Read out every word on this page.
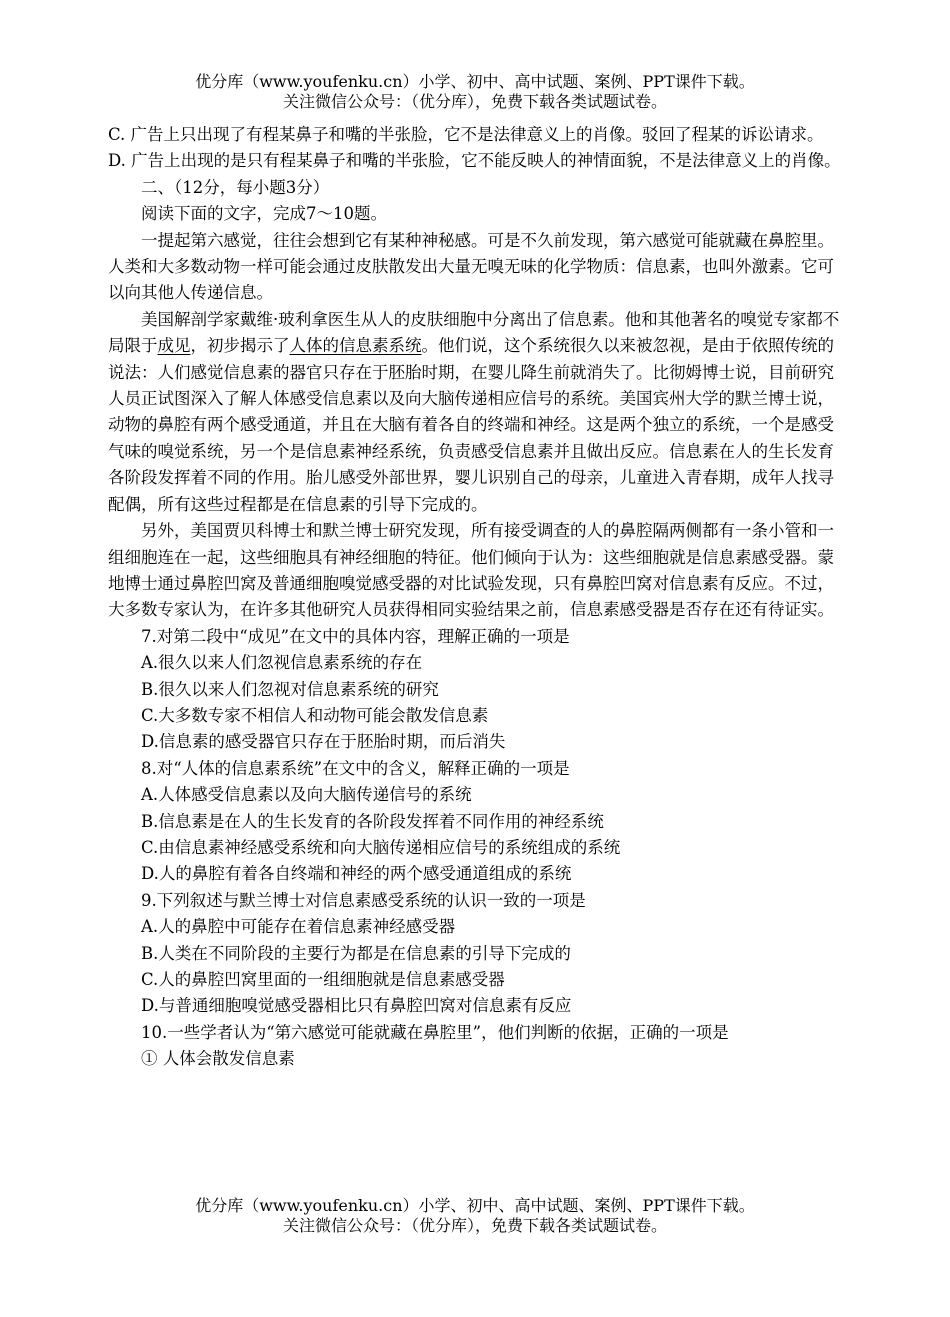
优分库（www.youfenku.cn）小学、初中、高中试题、案例、PPT课件下载。
关注微信公众号：（优分库），免费下载各类试题试卷。

C. 广告上只出现了有程某鼻子和嘴的半张脸，它不是法律意义上的肖像。驳回了程某的诉讼请求。

D. 广告上出现的是只有程某鼻子和嘴的半张脸，它不能反映人的神情面貌，不是法律意义上的肖像。

二、（12分，每小题3分）

阅读下面的文字，完成7～10题。

一提起第六感觉，往往会想到它有某种神秘感。可是不久前发现，第六感觉可能就藏在鼻腔里。人类和大多数动物一样可能会通过皮肤散发出大量无嗅无味的化学物质：信息素，也叫外激素。它可以向其他人传递信息。

美国解剖学家戴维·玻利拿医生从人的皮肤细胞中分离出了信息素。他和其他著名的嗅觉专家都不局限于成见，初步揭示了人体的信息素系统。他们说，这个系统很久以来被忽视，是由于依照传统的说法：人们感觉信息素的器官只存在于胚胎时期，在婴儿降生前就消失了。比彻姆博士说，目前研究人员正试图深入了解人体感受信息素以及向大脑传递相应信号的系统。美国宾州大学的默兰博士说，动物的鼻腔有两个感受通道，并且在大脑有着各自的终端和神经。这是两个独立的系统，一个是感受气味的嗅觉系统，另一个是信息素神经系统，负责感受信息素并且做出反应。信息素在人的生长发育各阶段发挥着不同的作用。胎儿感受外部世界，婴儿识别自己的母亲，儿童进入青春期，成年人找寻配偶，所有这些过程都是在信息素的引导下完成的。

另外，美国贾贝科博士和默兰博士研究发现，所有接受调查的人的鼻腔隔两侧都有一条小管和一组细胞连在一起，这些细胞具有神经细胞的特征。他们倾向于认为：这些细胞就是信息素感受器。蒙地博士通过鼻腔凹窝及普通细胞嗅觉感受器的对比试验发现，只有鼻腔凹窝对信息素有反应。不过，大多数专家认为，在许多其他研究人员获得相同实验结果之前，信息素感受器是否存在还有待证实。

7.对第二段中“成见”在文中的具体内容，理解正确的一项是

A.很久以来人们忽视信息素系统的存在

B.很久以来人们忽视对信息素系统的研究

C.大多数专家不相信人和动物可能会散发信息素

D.信息素的感受器官只存在于胚胎时期，而后消失

8.对“人体的信息素系统”在文中的含义，解释正确的一项是

A.人体感受信息素以及向大脑传递信号的系统

B.信息素是在人的生长发育的各阶段发挥着不同作用的神经系统

C.由信息素神经感受系统和向大脑传递相应信号的系统组成的系统

D.人的鼻腔有着各自终端和神经的两个感受通道组成的系统

9.下列叙述与默兰博士对信息素感受系统的认识一致的一项是

A.人的鼻腔中可能存在着信息素神经感受器

B.人类在不同阶段的主要行为都是在信息素的引导下完成的

C.人的鼻腔凹窝里面的一组细胞就是信息素感受器

D.与普通细胞嗅觉感受器相比只有鼻腔凹窝对信息素有反应

10.一些学者认为“第六感觉可能就藏在鼻腔里”，他们判断的依据，正确的一项是

① 人体会散发信息素

优分库（www.youfenku.cn）小学、初中、高中试题、案例、PPT课件下载。
关注微信公众号：（优分库），免费下载各类试题试卷。
